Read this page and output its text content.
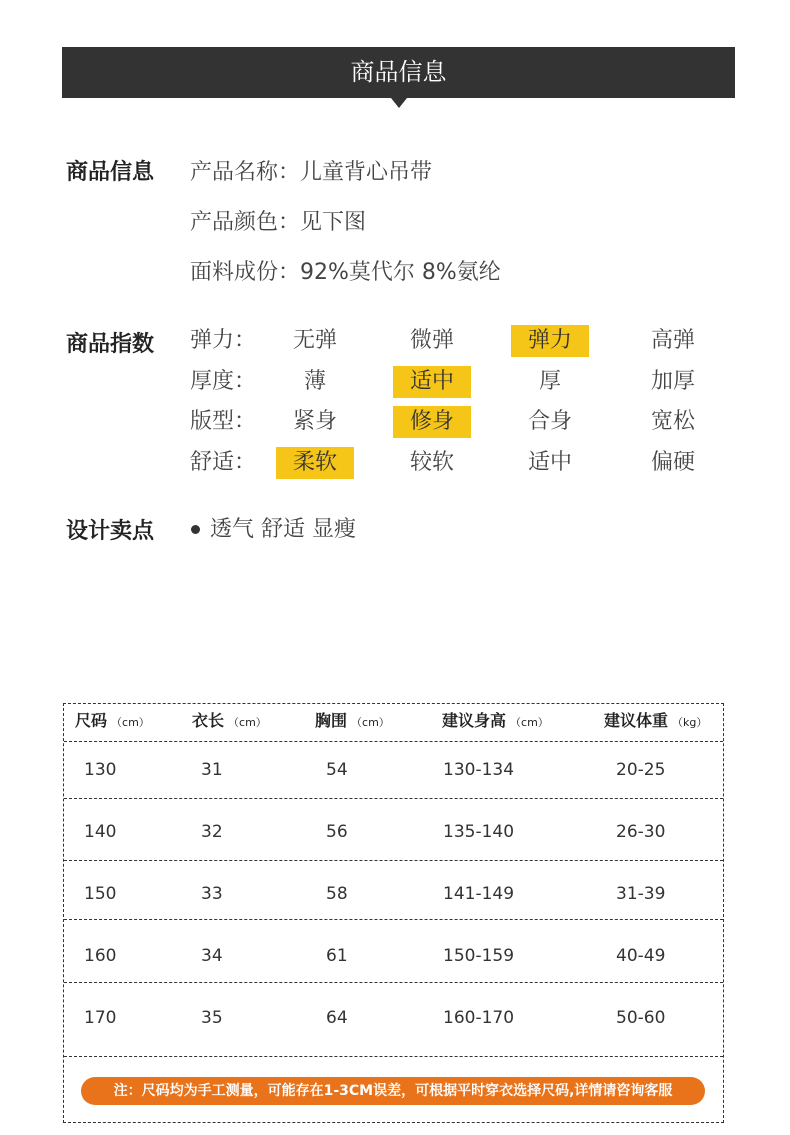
商品信息
商品信息 产品名称：儿童背心吊带
产品颜色：见下图
面料成份：92%莫代尔 8%氨纶
商品指数 弹力：	无弹	微弹	弹力	高弹
厚度：	薄	适中	厚	加厚
版型：	紧身	修身	合身	宽松
舒适：	柔软	较软	适中	偏硬
设计卖点	透气 舒适 显瘦
尺码 （cm）	衣长 （cm）	胸围 （cm）	建议身高 （cm）	建议体重 （kg）
130	31	54	130-134	20-25
140	32	56	135-140	26-30
150	33	58	141-149	31-39
160	34	61	150-159	40-49
170	35	64	160-170	50-60
注：尺码均为手工测量，可能存在1-3CM误差，可根据平时穿衣选择尺码,详情请咨询客服
